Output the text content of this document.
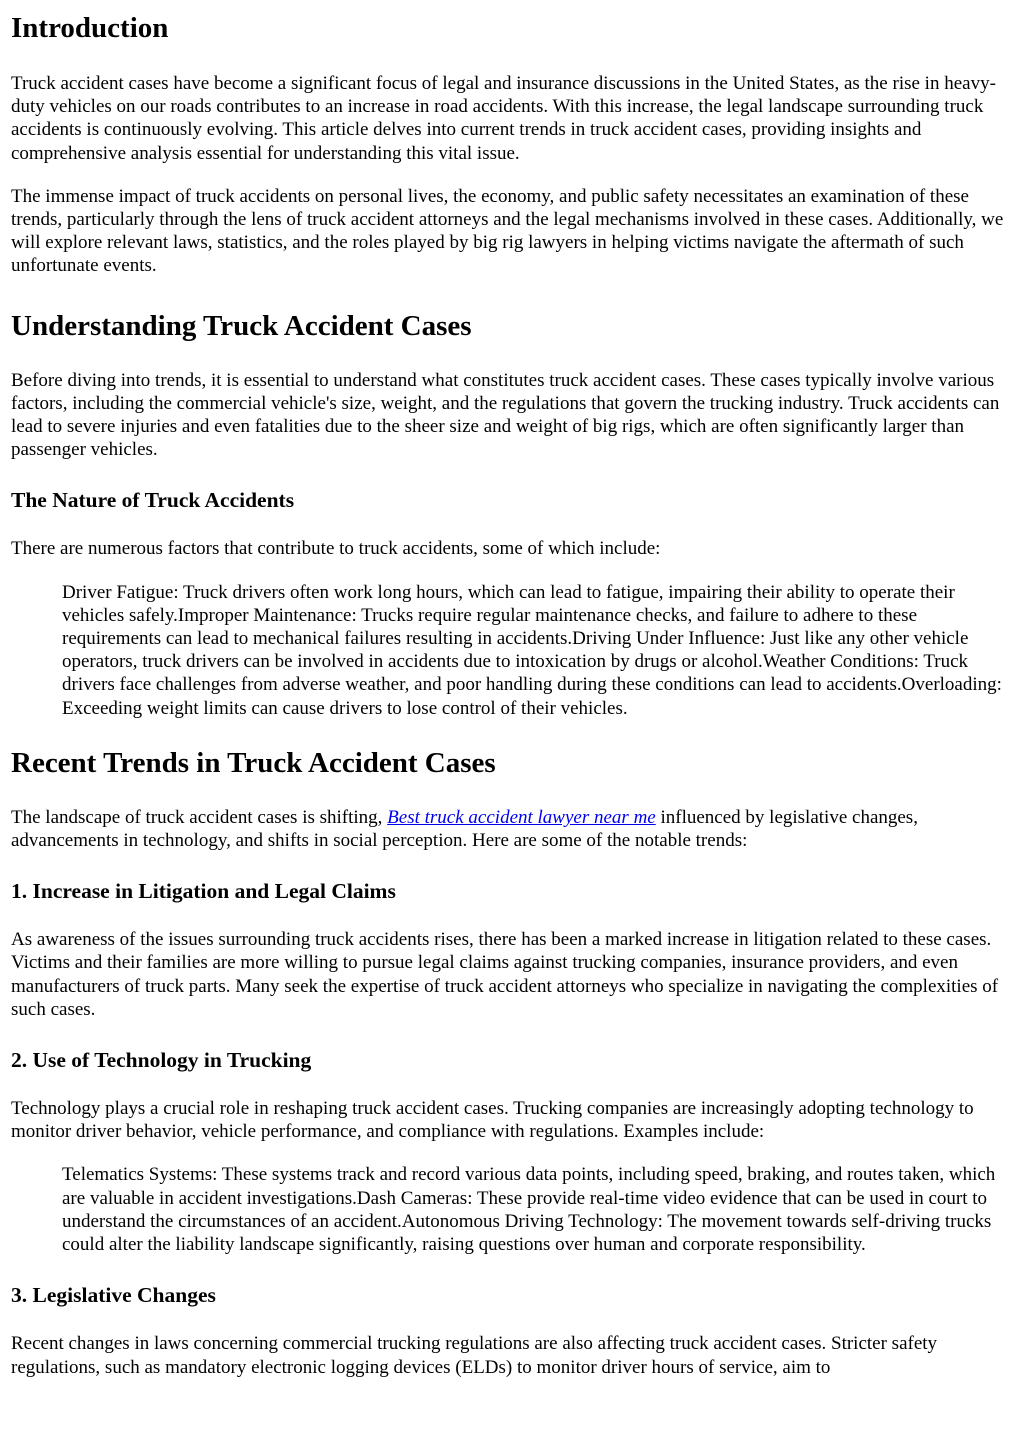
Introduction

Truck accident cases have become a significant focus of legal and insurance discussions in the United States, as the rise in heavy-duty vehicles on our roads contributes to an increase in road accidents. With this increase, the legal landscape surrounding truck accidents is continuously evolving. This article delves into current trends in truck accident cases, providing insights and comprehensive analysis essential for understanding this vital issue.

The immense impact of truck accidents on personal lives, the economy, and public safety necessitates an examination of these trends, particularly through the lens of truck accident attorneys and the legal mechanisms involved in these cases. Additionally, we will explore relevant laws, statistics, and the roles played by big rig lawyers in helping victims navigate the aftermath of such unfortunate events.

Understanding Truck Accident Cases

Before diving into trends, it is essential to understand what constitutes truck accident cases. These cases typically involve various factors, including the commercial vehicle's size, weight, and the regulations that govern the trucking industry. Truck accidents can lead to severe injuries and even fatalities due to the sheer size and weight of big rigs, which are often significantly larger than passenger vehicles.

The Nature of Truck Accidents

There are numerous factors that contribute to truck accidents, some of which include:

Driver Fatigue: Truck drivers often work long hours, which can lead to fatigue, impairing their ability to operate their vehicles safely.Improper Maintenance: Trucks require regular maintenance checks, and failure to adhere to these requirements can lead to mechanical failures resulting in accidents.Driving Under Influence: Just like any other vehicle operators, truck drivers can be involved in accidents due to intoxication by drugs or alcohol.Weather Conditions: Truck drivers face challenges from adverse weather, and poor handling during these conditions can lead to accidents.Overloading: Exceeding weight limits can cause drivers to lose control of their vehicles.
Recent Trends in Truck Accident Cases

The landscape of truck accident cases is shifting, Best truck accident lawyer near me influenced by legislative changes, advancements in technology, and shifts in social perception. Here are some of the notable trends:

1. Increase in Litigation and Legal Claims

As awareness of the issues surrounding truck accidents rises, there has been a marked increase in litigation related to these cases. Victims and their families are more willing to pursue legal claims against trucking companies, insurance providers, and even manufacturers of truck parts. Many seek the expertise of truck accident attorneys who specialize in navigating the complexities of such cases.

2. Use of Technology in Trucking

Technology plays a crucial role in reshaping truck accident cases. Trucking companies are increasingly adopting technology to monitor driver behavior, vehicle performance, and compliance with regulations. Examples include:

Telematics Systems: These systems track and record various data points, including speed, braking, and routes taken, which are valuable in accident investigations.Dash Cameras: These provide real-time video evidence that can be used in court to understand the circumstances of an accident.Autonomous Driving Technology: The movement towards self-driving trucks could alter the liability landscape significantly, raising questions over human and corporate responsibility.
3. Legislative Changes

Recent changes in laws concerning commercial trucking regulations are also affecting truck accident cases. Stricter safety regulations, such as mandatory electronic logging devices (ELDs) to monitor driver hours of service, aim to
